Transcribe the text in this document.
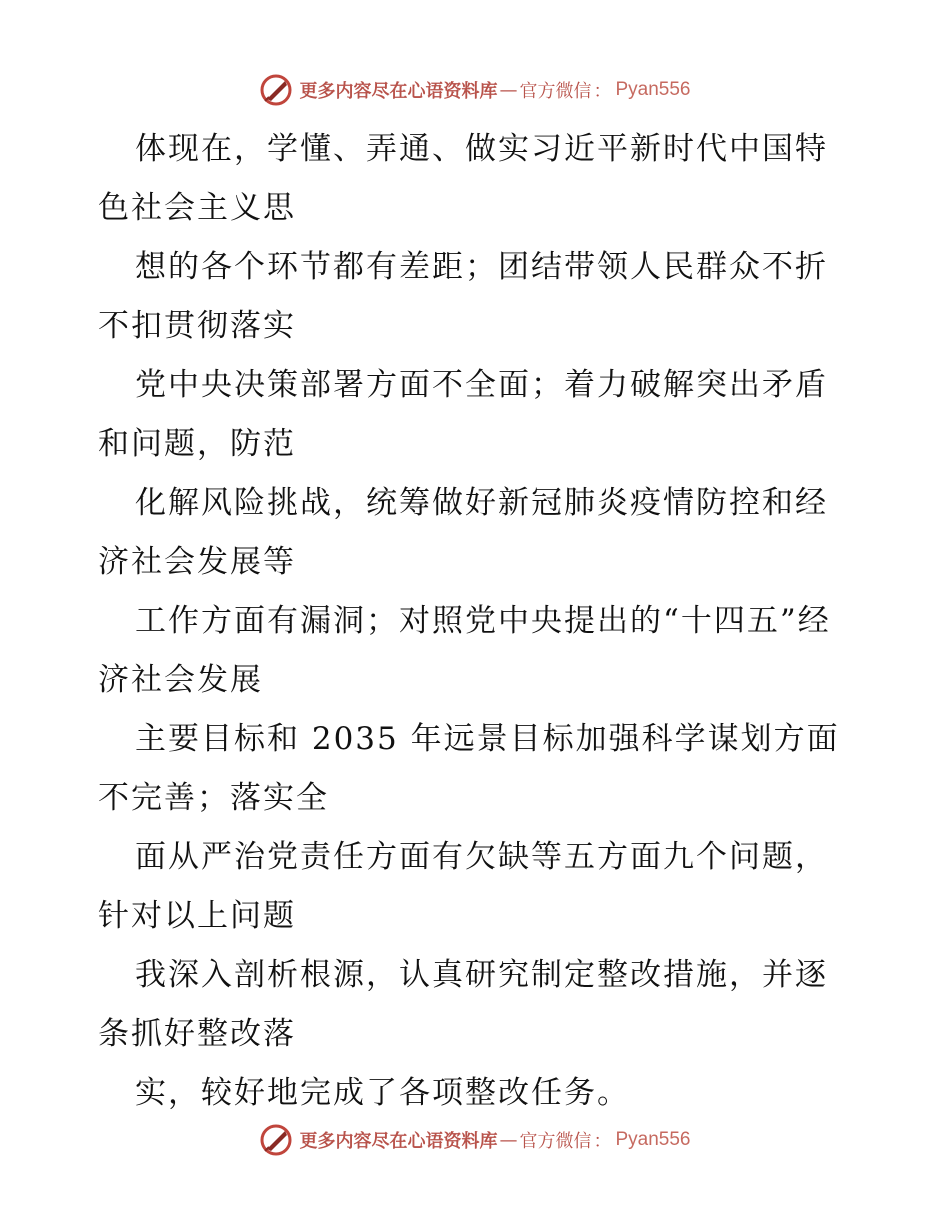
更多内容尽在心语资料库 — 官方微信 ： Pyan556

体现在，学懂、弄通、做实习近平新时代中国特色社会主义思

想的各个环节都有差距；团结带领人民群众不折不扣贯彻落实

党中央决策部署方面不全面；着力破解突出矛盾和问题，防范

化解风险挑战，统筹做好新冠肺炎疫情防控和经济社会发展等

工作方面有漏洞；对照党中央提出的“十四五”经济社会发展

主要目标和 2035 年远景目标加强科学谋划方面不完善；落实全

面从严治党责任方面有欠缺等五方面九个问题，针对以上问题

我深入剖析根源，认真研究制定整改措施，并逐条抓好整改落

实，较好地完成了各项整改任务。

更多内容尽在心语资料库 — 官方微信 ： Pyan556
